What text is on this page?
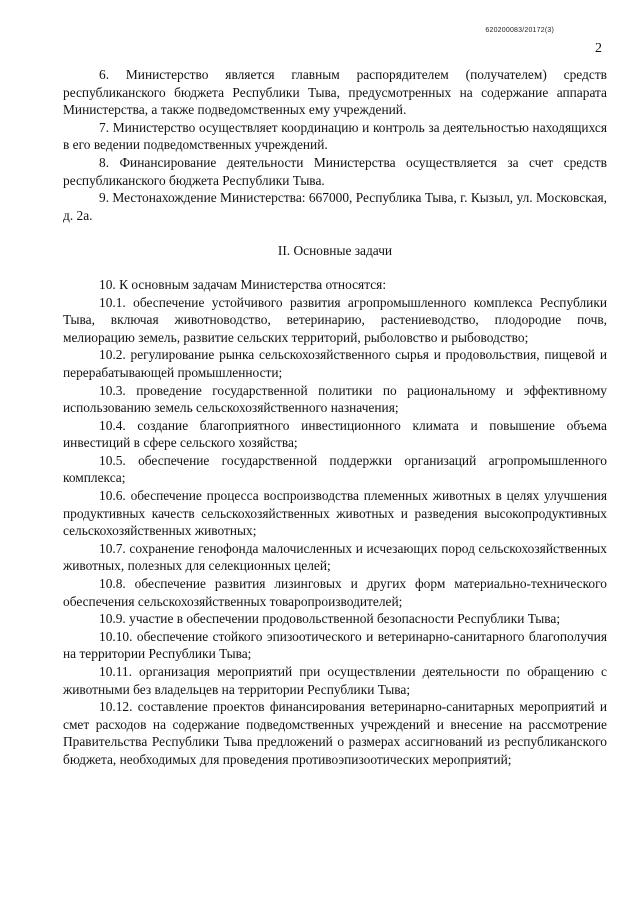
620200083/20172(3)
2

6. Министерство является главным распорядителем (получателем) средств республиканского бюджета Республики Тыва, предусмотренных на содержание аппарата Министерства, а также подведомственных ему учреждений.

7. Министерство осуществляет координацию и контроль за деятельностью находящихся в его ведении подведомственных учреждений.

8. Финансирование деятельности Министерства осуществляется за счет средств республиканского бюджета Республики Тыва.

9. Местонахождение Министерства: 667000, Республика Тыва, г. Кызыл, ул. Московская, д. 2а.

II. Основные задачи

10. К основным задачам Министерства относятся:

10.1. обеспечение устойчивого развития агропромышленного комплекса Республики Тыва, включая животноводство, ветеринарию, растениеводство, плодородие почв, мелиорацию земель, развитие сельских территорий, рыболовство и рыбоводство;

10.2. регулирование рынка сельскохозяйственного сырья и продовольствия, пищевой и перерабатывающей промышленности;

10.3. проведение государственной политики по рациональному и эффективному использованию земель сельскохозяйственного назначения;

10.4. создание благоприятного инвестиционного климата и повышение объема инвестиций в сфере сельского хозяйства;

10.5. обеспечение государственной поддержки организаций агропромышленного комплекса;

10.6. обеспечение процесса воспроизводства племенных животных в целях улучшения продуктивных качеств сельскохозяйственных животных и разведения высокопродуктивных сельскохозяйственных животных;

10.7. сохранение генофонда малочисленных и исчезающих пород сельскохозяйственных животных, полезных для селекционных целей;

10.8. обеспечение развития лизинговых и других форм материально-технического обеспечения сельскохозяйственных товаропроизводителей;

10.9. участие в обеспечении продовольственной безопасности Республики Тыва;

10.10. обеспечение стойкого эпизоотического и ветеринарно-санитарного благополучия на территории Республики Тыва;

10.11. организация мероприятий при осуществлении деятельности по обращению с животными без владельцев на территории Республики Тыва;

10.12. составление проектов финансирования ветеринарно-санитарных мероприятий и смет расходов на содержание подведомственных учреждений и внесение на рассмотрение Правительства Республики Тыва предложений о размерах ассигнований из республиканского бюджета, необходимых для проведения противоэпизоотических мероприятий;
